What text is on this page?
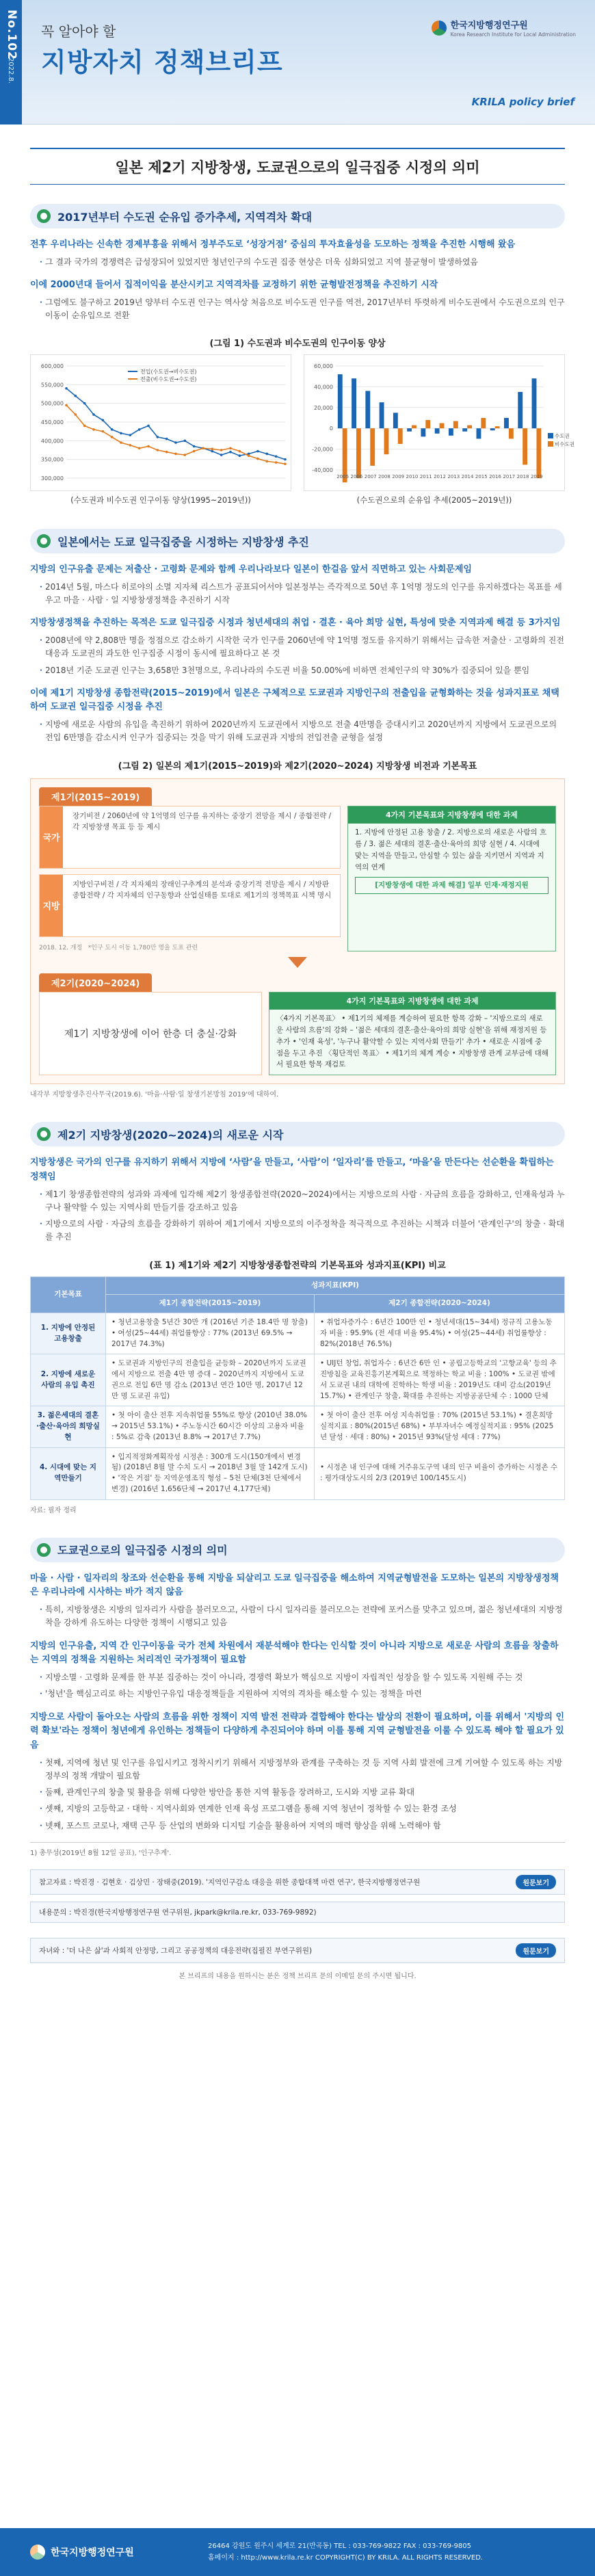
No.102
2022.8.
꼭 알아야 할
지방자치 정책브리프
한국지방행정연구원
Korea Research Institute for Local Administration
KRILA policy brief
일본 제2기 지방창생, 도쿄권으로의 일극집중 시정의 의미
2017년부터 수도권 순유입 증가추세, 지역격차 확대
전후 우리나라는 신속한 경제부흥을 위해서 정부주도로 ‘성장거점’ 중심의 투자효율성을 도모하는 정책을 추진한 시행해 왔음
・ 그 결과 국가의 경쟁력은 급성장되어 있었지만 청년인구의 수도권 집중 현상은 더욱 심화되었고 지역 불균형이 발생하였음
이에 2000년대 들어서 집적이익을 분산시키고 지역격차를 교정하기 위한 균형발전정책을 추진하기 시작
・ 그럼에도 불구하고 2019년 양부터 수도권 인구는 역사상 처음으로 비수도권 인구를 역전, 2017년부터 뚜렷하게 비수도권에서 수도권으로의 인구이동이 순유입으로 전환
(그림 1) 수도권과 비수도권의 인구이동 양상
600,000
550,000
500,000
450,000
400,000
350,000
300,000
전입(수도권→비수도권)
전출(비수도권→수도권)
(수도권과 비수도권 인구이동 양상(1995~2019년))
60,000
40,000
20,000
0
-20,000
-40,000
수도권
비수도권
2005 2006 2007 2008 2009 2010 2011 2012 2013 2014 2015 2016 2017 2018 2019
(수도권으로의 순유입 추세(2005~2019년))
일본에서는 도쿄 일극집중을 시정하는 지방창생 추진
지방의 인구유출 문제는 저출산 · 고령화 문제와 함께 우리나라보다 일본이 한걸음 앞서 직면하고 있는 사회문제임
・ 2014년 5월, 마스다 히로야의 소멸 지자체 리스트가 공표되어서야 일본정부는 즉각적으로 50년 후 1억명 정도의 인구를 유지하겠다는 목표를 세우고 마을 · 사람 · 일 지방창생정책을 추진하기 시작
지방창생정책을 추진하는 목적은 도쿄 일극집중 시정과 청년세대의 취업 · 결혼 · 육아 희망 실현, 특성에 맞춘 지역과제 해결 등 3가지임
・ 2008년에 약 2,808만 명을 정점으로 감소하기 시작한 국가 인구를 2060년에 약 1억명 정도를 유지하기 위해서는 급속한 저출산 · 고령화의 진전 대응과 도쿄권의 과도한 인구집중 시정이 동시에 필요하다고 본 것
・ 2018년 기준 도쿄권 인구는 3,658만 3천명으로, 우리나라의 수도권 비율 50.00%에 비하면 전체인구의 약 30%가 집중되어 있을 뿐임
이에 제1기 지방창생 종합전략(2015~2019)에서 일본은 구체적으로 도쿄권과 지방인구의 전출입을 균형화하는 것을 성과지표로 채택하여 도쿄권 일극집중 시정을 추진
・ 지방에 새로운 사람의 유입을 촉진하기 위하여 2020년까지 도쿄권에서 지방으로 전출 4만명을 증대시키고 2020년까지 지방에서 도쿄권으로의 전입 6만명을 감소시켜 인구가 집중되는 것을 막기 위해 도쿄권과 지방의 전입전출 균형을 설정
(그림 2) 일본의 제1기(2015~2019)와 제2기(2020~2024) 지방창생 비전과 기본목표
제1기(2015~2019)
국가
장기비전 / 2060년에 약 1억명의 인구를 유지하는 중장기 전망을 제시 / 종합전략 / 각 지방창생 목표 등 등 제시
지방
지방인구비전 / 각 지자체의 장래인구추계의 분석과 중장기적 전망을 제시 / 지방판 종합전략 / 각 지자체의 인구동향과 산업실태를 토대로 제1기의 정책목표 시책 명시
2018. 12. 개정 *인구 도시 이동 1,780만 명을 도표 관련
4가지 기본목표와 지방창생에 대한 과제
1. 지방에 안정된 고용 창출 / 2. 지방으로의 새로운 사람의 흐름 / 3. 젊은 세대의 결혼·출산·육아의 희망 실현 / 4. 시대에 맞는 지역을 만들고, 안심할 수 있는 삶을 지키면서 지역과 지역의 연계
[지방창생에 대한 과제 해결] 일부 인재·재정지원
제2기(2020~2024)
제1기 지방창생에 이어 한층 더 충실·강화
4가지 기본목표와 지방창생에 대한 과제
〈4가지 기본목표〉 • 제1기의 체제를 계승하여 필요한 항목 강화 – '지방으로의 새로운 사람의 흐름'의 강화 – '젊은 세대의 결혼·출산·육아의 희망 실현'을 위해 재정지원 등 추가 • '인재 육성', '누구나 활약할 수 있는 지역사회 만들기' 추가 • 새로운 시점에 중점을 두고 추진 〈횡단적인 목표〉 • 제1기의 체계 계승 • 지방창생 관계 교부금에 대해서 필요한 항목 재검토
내각부 지방창생추진사무국(2019.6). '마을·사람·일 창생기본방침 2019'에 대하여.
제2기 지방창생(2020~2024)의 새로운 시작
지방창생은 국가의 인구를 유지하기 위해서 지방에 ‘사람’을 만들고, ‘사람’이 ‘일자리’를 만들고, ‘마을’을 만든다는 선순환을 확립하는 정책임
・ 제1기 창생종합전략의 성과와 과제에 입각해 제2기 창생종합전략(2020~2024)에서는 지방으로의 사람 · 자금의 흐름을 강화하고, 인재육성과 누구나 활약할 수 있는 지역사회 만들기를 강조하고 있음
・ 지방으로의 사람 · 자금의 흐름을 강화하기 위하여 제1기에서 지방으로의 이주정착을 적극적으로 추진하는 시책과 더불어 '관계인구'의 창출 · 확대를 추진
(표 1) 제1기와 제2기 지방창생종합전략의 기본목표와 성과지표(KPI) 비교
기본목표	성과지표(KPI)	
	제1기 종합전략(2015~2019)	제2기 종합전략(2020~2024)
1. 지방에 안정된 고용창출	• 청년고용창출 5년간 30만 개 (2016년 기준 18.4만 명 창출) • 여성(25~44세) 취업률향상 : 77% (2013년 69.5% → 2017년 74.3%)	• 취업자증가수 : 6년간 100만 인 • 청년세대(15~34세) 정규직 고용노동자 비율 : 95.9% (전 세대 비율 95.4%) • 여성(25~44세) 취업률향상 : 82%(2018년 76.5%)
2. 지방에 새로운 사람의 유입 촉진	• 도쿄권과 지방인구의 전출입을 균등화 – 2020년까지 도쿄권에서 지방으로 전출 4만 명 증대 – 2020년까지 지방에서 도쿄권으로 전입 6만 명 감소 (2013년 연간 10만 명, 2017년 12만 명 도쿄권 유입)	• UIJ턴 창업, 취업자수 : 6년간 6만 인 • 공립고등학교의 '고향교육' 등의 추진방침을 교육진흥기본계획으로 책정하는 학교 비율 : 100% • 도쿄권 밖에서 도쿄권 내의 대학에 진학하는 학생 비율 : 2019년도 대비 감소(2019년 15.7%) • 관계인구 창출, 확대를 추진하는 지방공공단체 수 : 1000 단체
3. 젊은세대의 결혼·출산·육아의 희망실현	• 첫 아이 출산 전후 지속취업률 55%로 향상 (2010년 38.0% → 2015년 53.1%) • 주노동시간 60시간 이상의 고용자 비율 : 5%로 감축 (2013년 8.8% → 2017년 7.7%)	• 첫 아이 출산 전후 여성 지속취업률 : 70% (2015년 53.1%) • 결혼희망실적지표 : 80%(2015년 68%) • 부부자녀수 예정실적지표 : 95% (2025년 달성 · 세대 : 80%) • 2015년 93%(달성 세대 : 77%)
4. 시대에 맞는 지역만들기	• 입지적정화계획작성 시정촌 : 300개 도시(150개에서 변경됨) (2018년 8월 말 수치 도시 → 2018년 3월 말 142개 도시) • '작은 거점' 등 지역운영조직 형성 – 5천 단체(3천 단체에서 변경) (2016년 1,656단체 → 2017년 4,177단체)	• 시정촌 내 인구에 대해 거주유도구역 내의 인구 비율이 증가하는 시정촌 수 : 평가대상도시의 2/3 (2019년 100/145도시)
자료: 필자 정리
도쿄권으로의 일극집중 시정의 의미
마을 · 사람 · 일자리의 창조와 선순환을 통해 지방을 되살리고 도쿄 일극집중을 해소하여 지역균형발전을 도모하는 일본의 지방창생정책은 우리나라에 시사하는 바가 적지 않음
・ 특히, 지방창생은 지방의 일자리가 사람을 불러모으고, 사람이 다시 일자리를 불러모으는 전략에 포커스를 맞추고 있으며, 젊은 청년세대의 지방정착을 강하게 유도하는 다양한 정책이 시행되고 있음
지방의 인구유출, 지역 간 인구이동을 국가 전체 차원에서 재분석해야 한다는 인식할 것이 아니라 지방으로 새로운 사람의 흐름을 창출하는 지역의 정책을 지원하는 처리적인 국가정책이 필요함
・ 지방소멸 · 고령화 문제를 한 부분 집중하는 것이 아니라, 경쟁력 확보가 핵심으로 지방이 자립적인 성장을 할 수 있도록 지원해 주는 것
・ '청년'을 핵심고리로 하는 지방인구유입 대응정책들을 지원하여 지역의 격차를 해소할 수 있는 정책을 마련
지방으로 사람이 돌아오는 사람의 흐름을 위한 정책이 지역 발전 전략과 결합해야 한다는 발상의 전환이 필요하며, 이를 위해서 '지방의 인력 확보'라는 정책이 청년에게 유인하는 정책들이 다양하게 추진되어야 하며 이를 통해 지역 균형발전을 이룰 수 있도록 해야 할 필요가 있음
・ 첫째, 지역에 청년 및 인구를 유입시키고 정착시키기 위해서 지방정부와 관계를 구축하는 것 등 지역 사회 발전에 크게 기여할 수 있도록 하는 지방정부의 정책 개발이 필요함
・ 둘째, 관계인구의 창출 및 활용을 위해 다양한 방안을 통한 지역 활동을 장려하고, 도시와 지방 교류 확대
・ 셋째, 지방의 고등학교 · 대학 · 지역사회와 연계한 인재 육성 프로그램을 통해 지역 청년이 정착할 수 있는 환경 조성
・ 넷째, 포스트 코로나, 재택 근무 등 산업의 변화와 디지털 기술을 활용하여 지역의 매력 향상을 위해 노력해야 함
1) 총무성(2019년 8월 12일 공표), '인구추계'.
참고자료 : 박진경 · 김현호 · 김상민 · 장태중(2019). '지역인구감소 대응을 위한 종합대책 마련 연구', 한국지방행정연구원	원문보기
내용문의 : 박진경(한국지방행정연구원 연구위원, jkpark@krila.re.kr, 033-769-9892)
자녀와 : '더 나은 삶'과 사회적 안정망, 그리고 공공정책의 대응전략(집필진 부연구위원)	원문보기
본 브리프의 내용을 원하시는 분은 정책 브리프 문의 이메일 문의 주시면 됩니다.
한국지방행정연구원
26464 강원도 원주시 세계로 21(반곡동) TEL : 033-769-9822 FAX : 033-769-9805
홈페이지 : http://www.krila.re.kr COPYRIGHT(C) BY KRILA. ALL RIGHTS RESERVED.
